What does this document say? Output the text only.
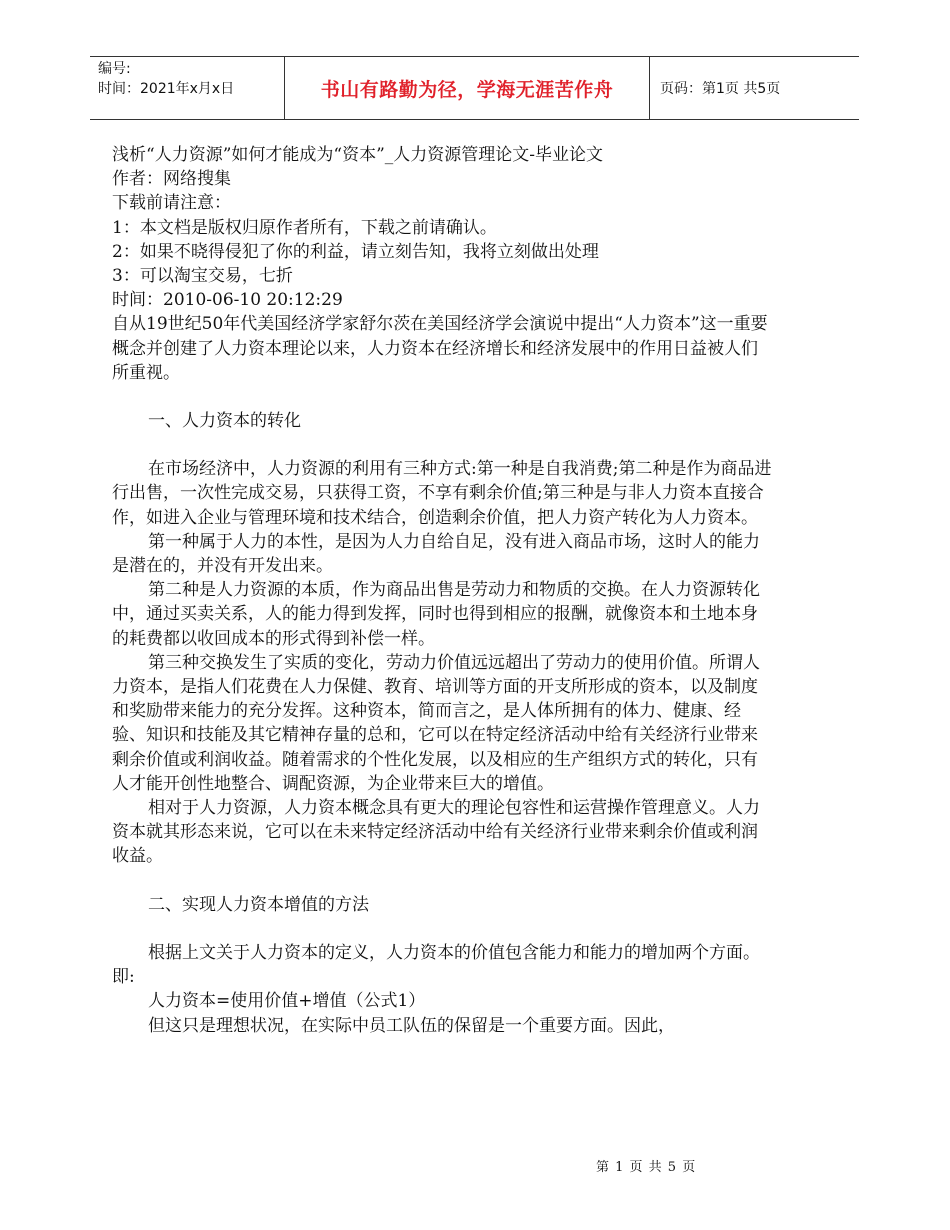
编号:
时间：2021年x月x日	书山有路勤为径，学海无涯苦作舟	页码：第1页 共5页

浅析“人力资源”如何才能成为“资本”_人力资源管理论文-毕业论文

作者：网络搜集

下载前请注意：

1：本文档是版权归原作者所有，下载之前请确认。

2：如果不晓得侵犯了你的利益，请立刻告知，我将立刻做出处理

3：可以淘宝交易，七折

时间：2010-06-10 20:12:29

自从19世纪50年代美国经济学家舒尔茨在美国经济学会演说中提出“人力资本”这一重要概念并创建了人力资本理论以来，人力资本在经济增长和经济发展中的作用日益被人们所重视。

一、人力资本的转化

在市场经济中，人力资源的利用有三种方式:第一种是自我消费;第二种是作为商品进行出售，一次性完成交易，只获得工资，不享有剩余价值;第三种是与非人力资本直接合作，如进入企业与管理环境和技术结合，创造剩余价值，把人力资产转化为人力资本。

第一种属于人力的本性，是因为人力自给自足，没有进入商品市场，这时人的能力是潜在的，并没有开发出来。

第二种是人力资源的本质，作为商品出售是劳动力和物质的交换。在人力资源转化中，通过买卖关系，人的能力得到发挥，同时也得到相应的报酬，就像资本和土地本身的耗费都以收回成本的形式得到补偿一样。

第三种交换发生了实质的变化，劳动力价值远远超出了劳动力的使用价值。所谓人力资本，是指人们花费在人力保健、教育、培训等方面的开支所形成的资本，以及制度和奖励带来能力的充分发挥。这种资本，简而言之，是人体所拥有的体力、健康、经验、知识和技能及其它精神存量的总和，它可以在特定经济活动中给有关经济行业带来剩余价值或利润收益。随着需求的个性化发展，以及相应的生产组织方式的转化，只有人才能开创性地整合、调配资源，为企业带来巨大的增值。

相对于人力资源，人力资本概念具有更大的理论包容性和运营操作管理意义。人力资本就其形态来说，它可以在未来特定经济活动中给有关经济行业带来剩余价值或利润收益。

二、实现人力资本增值的方法

根据上文关于人力资本的定义，人力资本的价值包含能力和能力的增加两个方面。即:

人力资本=使用价值+增值（公式1）

但这只是理想状况，在实际中员工队伍的保留是一个重要方面。因此，

第 1 页 共 5 页
